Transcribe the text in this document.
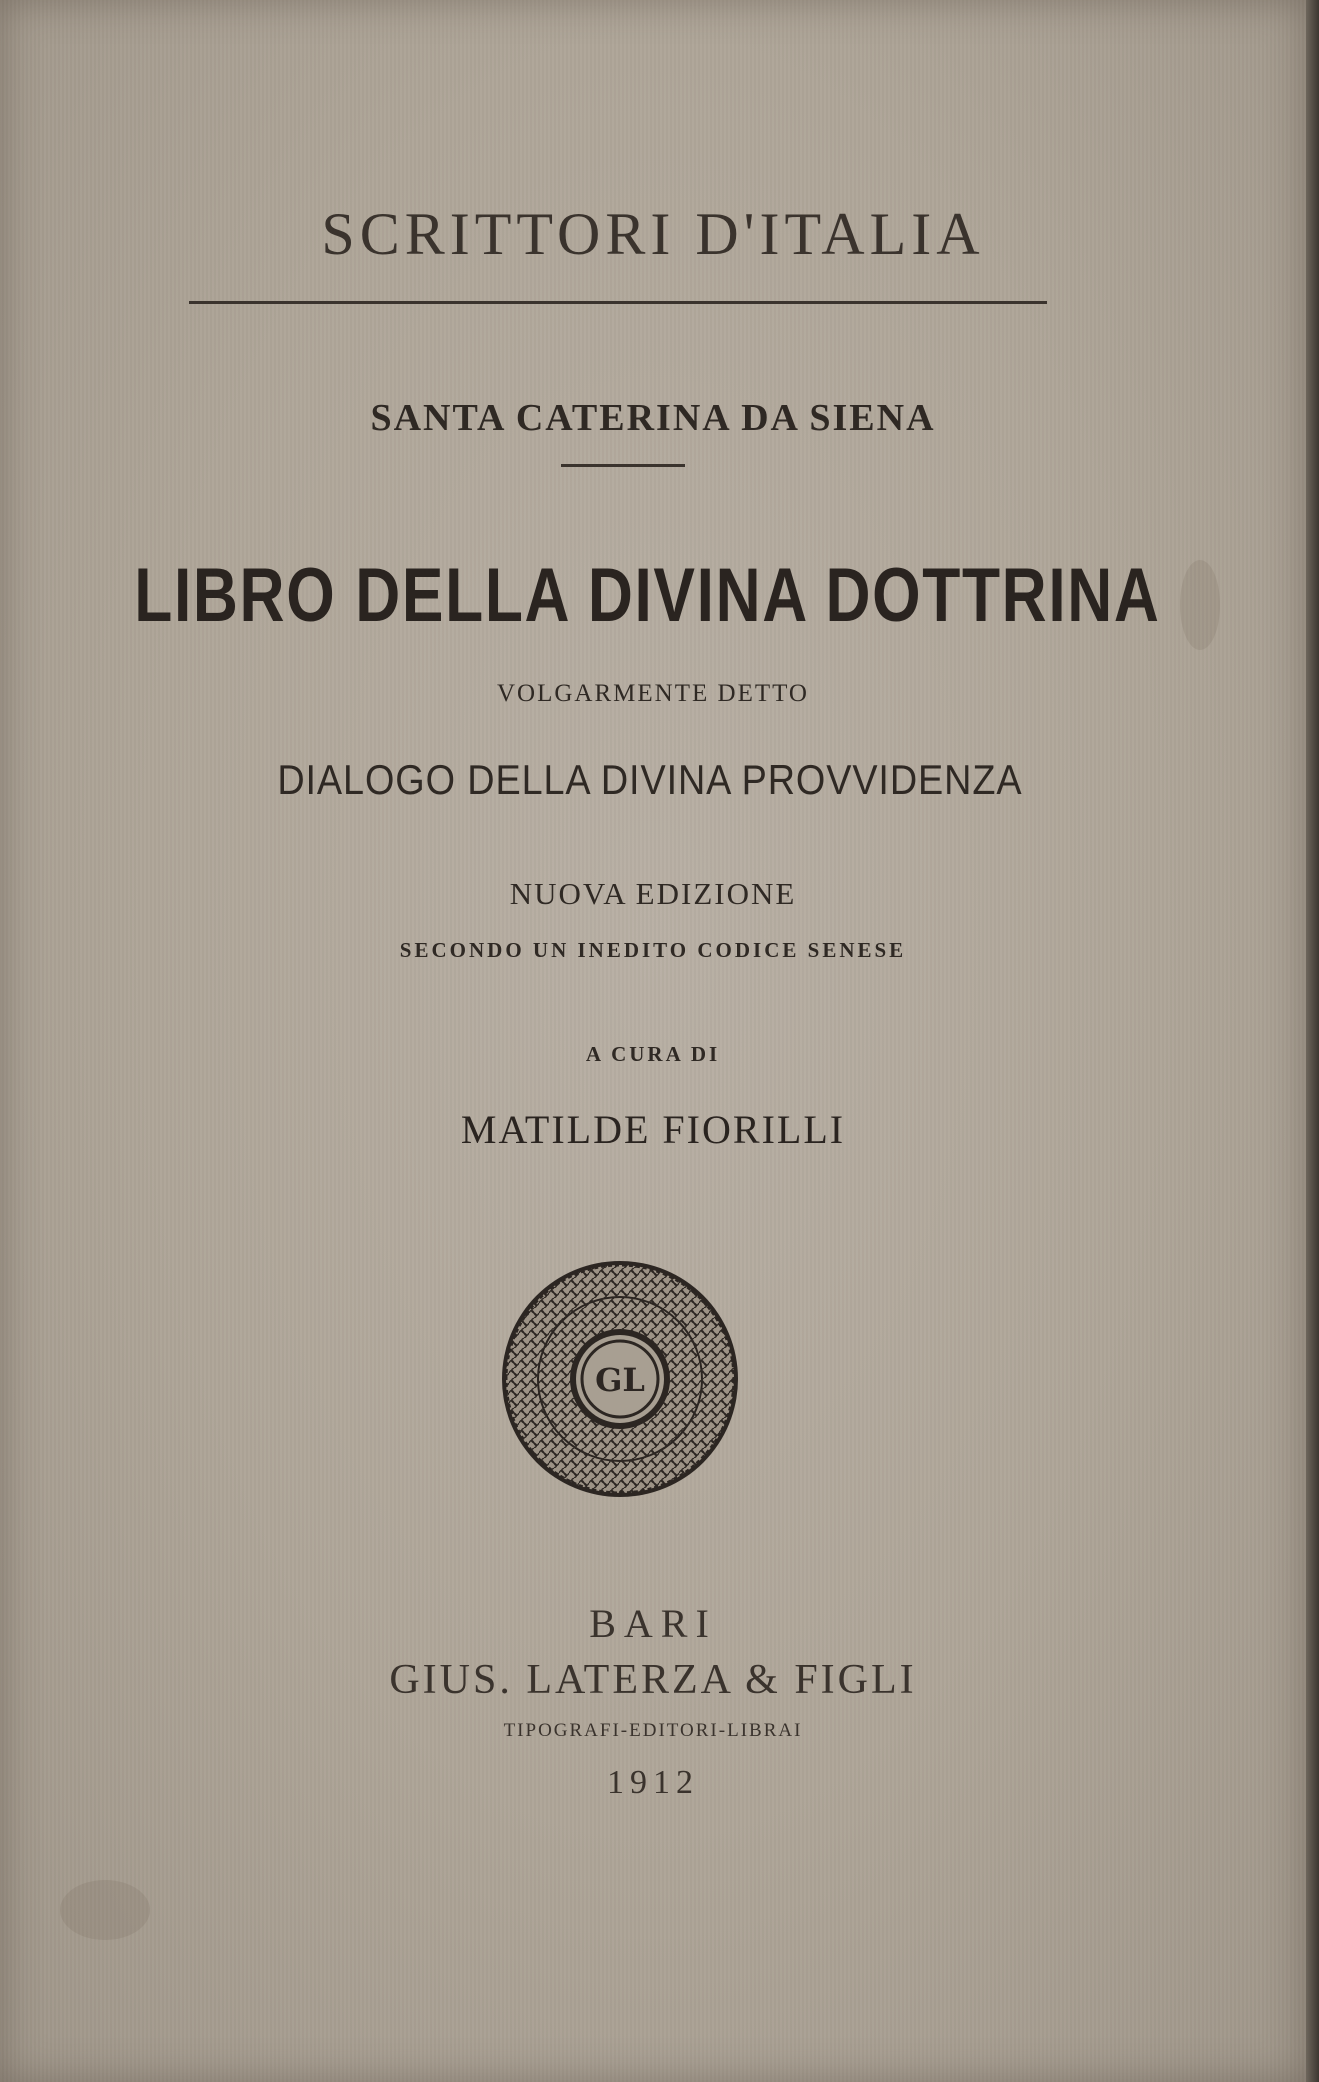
SCRITTORI D'ITALIA
SANTA CATERINA DA SIENA
LIBRO DELLA DIVINA DOTTRINA
VOLGARMENTE DETTO
DIALOGO DELLA DIVINA PROVVIDENZA
NUOVA EDIZIONE
SECONDO UN INEDITO CODICE SENESE
A CURA DI
MATILDE FIORILLI
GL
BARI
GIUS. LATERZA & FIGLI
TIPOGRAFI-EDITORI-LIBRAI
1912
